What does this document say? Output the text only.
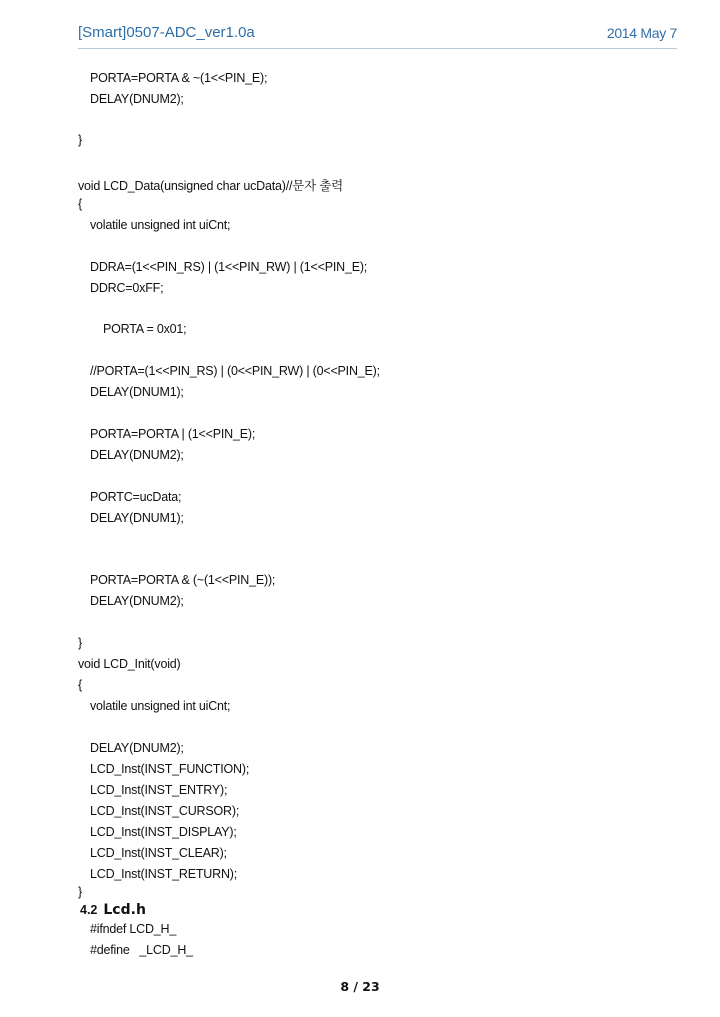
[Smart]0507-ADC_ver1.0a	2014 May 7
PORTA=PORTA & ~(1<<PIN_E);
DELAY(DNUM2);
}
void LCD_Data(unsigned char ucData)//문자 출력
{
volatile unsigned int uiCnt;
DDRA=(1<<PIN_RS) | (1<<PIN_RW) | (1<<PIN_E);
DDRC=0xFF;
PORTA = 0x01;
//PORTA=(1<<PIN_RS) | (0<<PIN_RW) | (0<<PIN_E);
DELAY(DNUM1);
PORTA=PORTA | (1<<PIN_E);
DELAY(DNUM2);
PORTC=ucData;
DELAY(DNUM1);
PORTA=PORTA & (~(1<<PIN_E));
DELAY(DNUM2);
}
void LCD_Init(void)
{
volatile unsigned int uiCnt;
DELAY(DNUM2);
LCD_Inst(INST_FUNCTION);
LCD_Inst(INST_ENTRY);
LCD_Inst(INST_CURSOR);
LCD_Inst(INST_DISPLAY);
LCD_Inst(INST_CLEAR);
LCD_Inst(INST_RETURN);
}
4.2 Lcd.h
#ifndef LCD_H_
#define   _LCD_H_
8 / 23
